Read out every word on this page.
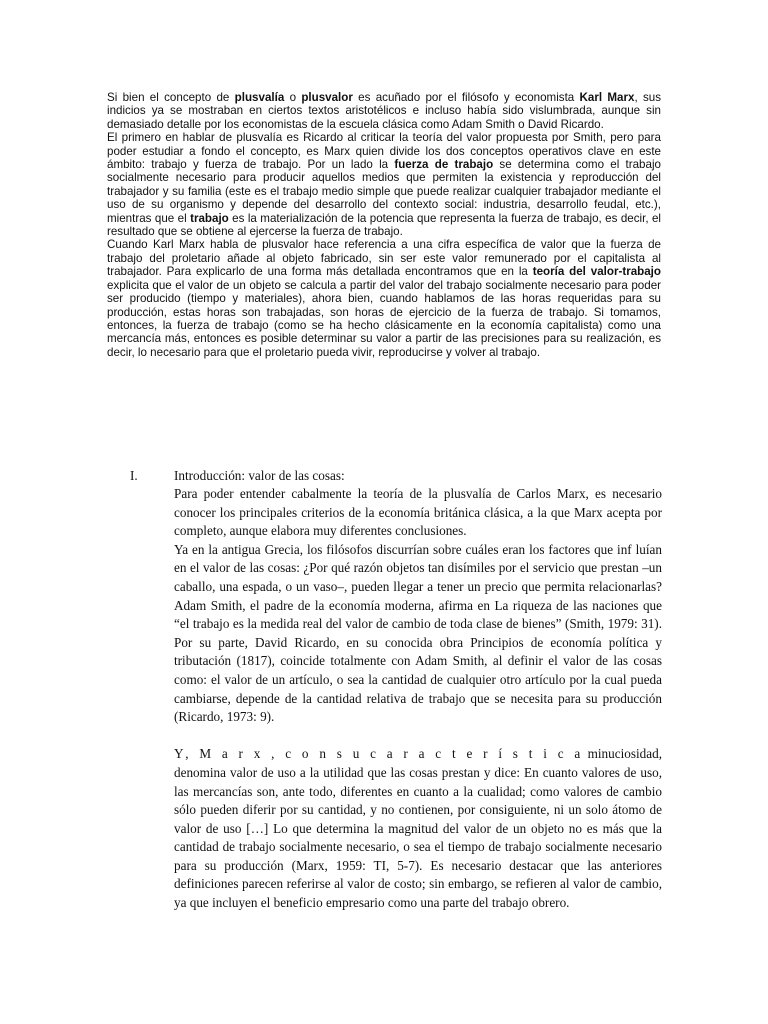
Si bien el concepto de plusvalía o plusvalor es acuñado por el filósofo y economista Karl Marx, sus indicios ya se mostraban en ciertos textos aristotélicos e incluso había sido vislumbrada, aunque sin demasiado detalle por los economistas de la escuela clásica como Adam Smith o David Ricardo.

El primero en hablar de plusvalía es Ricardo al criticar la teoría del valor propuesta por Smith, pero para poder estudiar a fondo el concepto, es Marx quien divide los dos conceptos operativos clave en este ámbito: trabajo y fuerza de trabajo. Por un lado la fuerza de trabajo se determina como el trabajo socialmente necesario para producir aquellos medios que permiten la existencia y reproducción del trabajador y su familia (este es el trabajo medio simple que puede realizar cualquier trabajador mediante el uso de su organismo y depende del desarrollo del contexto social: industria, desarrollo feudal, etc.), mientras que el trabajo es la materialización de la potencia que representa la fuerza de trabajo, es decir, el resultado que se obtiene al ejercerse la fuerza de trabajo.

Cuando Karl Marx habla de plusvalor hace referencia a una cifra específica de valor que la fuerza de trabajo del proletario añade al objeto fabricado, sin ser este valor remunerado por el capitalista al trabajador. Para explicarlo de una forma más detallada encontramos que en la teoría del valor-trabajo explicita que el valor de un objeto se calcula a partir del valor del trabajo socialmente necesario para poder ser producido (tiempo y materiales), ahora bien, cuando hablamos de las horas requeridas para su producción, estas horas son trabajadas, son horas de ejercicio de la fuerza de trabajo. Si tomamos, entonces, la fuerza de trabajo (como se ha hecho clásicamente en la economía capitalista) como una mercancía más, entonces es posible determinar su valor a partir de las precisiones para su realización, es decir, lo necesario para que el proletario pueda vivir, reproducirse y volver al trabajo.

I.	Introducción: valor de las cosas:

Para poder entender cabalmente la teoría de la plusvalía de Carlos Marx, es necesario conocer los principales criterios de la economía británica clásica, a la que Marx acepta por completo, aunque elabora muy diferentes conclusiones.

Ya en la antigua Grecia, los filósofos discurrían sobre cuáles eran los factores que inf luían en el valor de las cosas: ¿Por qué razón objetos tan disímiles por el servicio que prestan –un caballo, una espada, o un vaso–, pueden llegar a tener un precio que permita relacionarlas? Adam Smith, el padre de la economía moderna, afirma en La riqueza de las naciones que “el trabajo es la medida real del valor de cambio de toda clase de bienes” (Smith, 1979: 31). Por su parte, David Ricardo, en su conocida obra Principios de economía política y tributación (1817), coincide totalmente con Adam Smith, al definir el valor de las cosas como: el valor de un artículo, o sea la cantidad de cualquier otro artículo por la cual pueda cambiarse, depende de la cantidad relativa de trabajo que se necesita para su producción (Ricardo, 1973: 9).

Y, M a r x , c o n s u c a r a c t e r í s t i c a minuciosidad, denomina valor de uso a la utilidad que las cosas prestan y dice: En cuanto valores de uso, las mercancías son, ante todo, diferentes en cuanto a la cualidad; como valores de cambio sólo pueden diferir por su cantidad, y no contienen, por consiguiente, ni un solo átomo de valor de uso […] Lo que determina la magnitud del valor de un objeto no es más que la cantidad de trabajo socialmente necesario, o sea el tiempo de trabajo socialmente necesario para su producción (Marx, 1959: TI, 5-7). Es necesario destacar que las anteriores definiciones parecen referirse al valor de costo; sin embargo, se refieren al valor de cambio, ya que incluyen el beneficio empresario como una parte del trabajo obrero.
